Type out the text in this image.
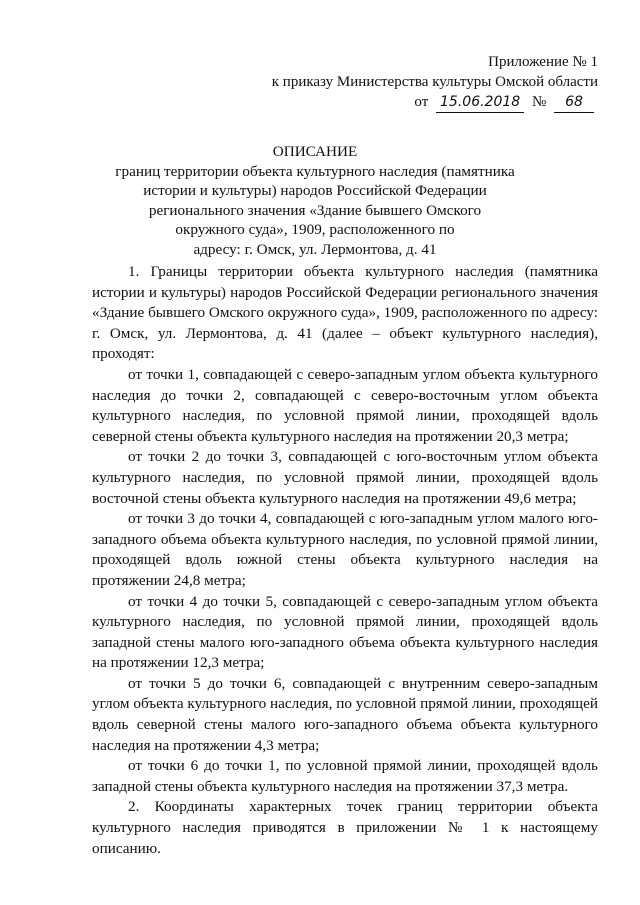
Приложение № 1
к приказу Министерства культуры Омской области
от 15.06.2018 № 68
ОПИСАНИЕ
границ территории объекта культурного наследия (памятника
истории и культуры) народов Российской Федерации
регионального значения «Здание бывшего Омского
окружного суда», 1909, расположенного по
адресу: г. Омск, ул. Лермонтова, д. 41

1. Границы территории объекта культурного наследия (памятника истории и культуры) народов Российской Федерации регионального значения «Здание бывшего Омского окружного суда», 1909, расположенного по адресу: г. Омск, ул. Лермонтова, д. 41 (далее – объект культурного наследия), проходят:

от точки 1, совпадающей с северо-западным углом объекта культурного наследия до точки 2, совпадающей с северо-восточным углом объекта культурного наследия, по условной прямой линии, проходящей вдоль северной стены объекта культурного наследия на протяжении 20,3 метра;

от точки 2 до точки 3, совпадающей с юго-восточным углом объекта культурного наследия, по условной прямой линии, проходящей вдоль восточной стены объекта культурного наследия на протяжении 49,6 метра;

от точки 3 до точки 4, совпадающей с юго-западным углом малого юго-западного объема объекта культурного наследия, по условной прямой линии, проходящей вдоль южной стены объекта культурного наследия на протяжении 24,8 метра;

от точки 4 до точки 5, совпадающей с северо-западным углом объекта культурного наследия, по условной прямой линии, проходящей вдоль западной стены малого юго-западного объема объекта культурного наследия на протяжении 12,3 метра;

от точки 5 до точки 6, совпадающей с внутренним северо-западным углом объекта культурного наследия, по условной прямой линии, проходящей вдоль северной стены малого юго-западного объема объекта культурного наследия на протяжении 4,3 метра;

от точки 6 до точки 1, по условной прямой линии, проходящей вдоль западной стены объекта культурного наследия на протяжении 37,3 метра.

2. Координаты характерных точек границ территории объекта культурного наследия приводятся в приложении № 1 к настоящему описанию.
